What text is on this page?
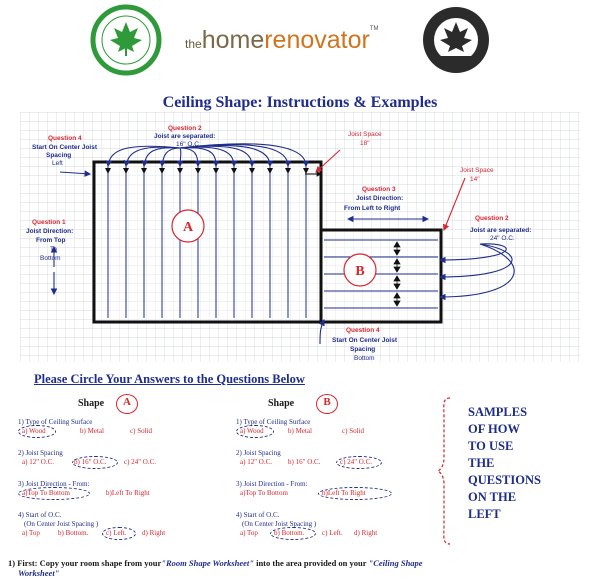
thehomerenovator™
Ceiling Shape: Instructions & Examples
A
B
Question 4
Start On Center Joist
Spacing
Left
Question 2
Joist are separated:
16" O.C.
Joist Space
18"
Question 3
Joist Direction:
From Left to Right
Joist Space
14"
Question 1
Joist Direction:
From Top
To
Bottom
Question 2
Joist are separated:
24" O.C.
Question 4
Start On Center Joist
Spacing
Bottom
Please Circle Your Answers to the Questions Below
Shape	A
1) Type of Ceiling Surface
a) Wood	b) Metal	c) Solid
2) Joist Spacing
a) 12" O.C.	b) 16" O.C.	c) 24" O.C.
3) Joist Direction - From:
a)Top To Bottom	b)Left To Right
4) Start of O.C.
(On Center Joist Spacing )
a) Top	b) Bottom.	c) Left. d) Right
Shape	B
1) Type of Ceiling Surface
a) Wood	b) Metal	c) Solid
2) Joist Spacing
a) 12" O.C. b) 16" O.C.	c) 24" O.C.
3) Joist Direction - From:
a)Top To Bottom	b)Left To Right
4) Start of O.C.
(On Center Joist Spacing )
a) Top b) Bottom.	c) Left. d) Right
SAMPLES
OF HOW
TO USE
THE
QUESTIONS
ON THE
LEFT
1) First: Copy your room shape from your"Room Shape Worksheet" into the area provided on your "Ceiling Shape
Worksheet"
